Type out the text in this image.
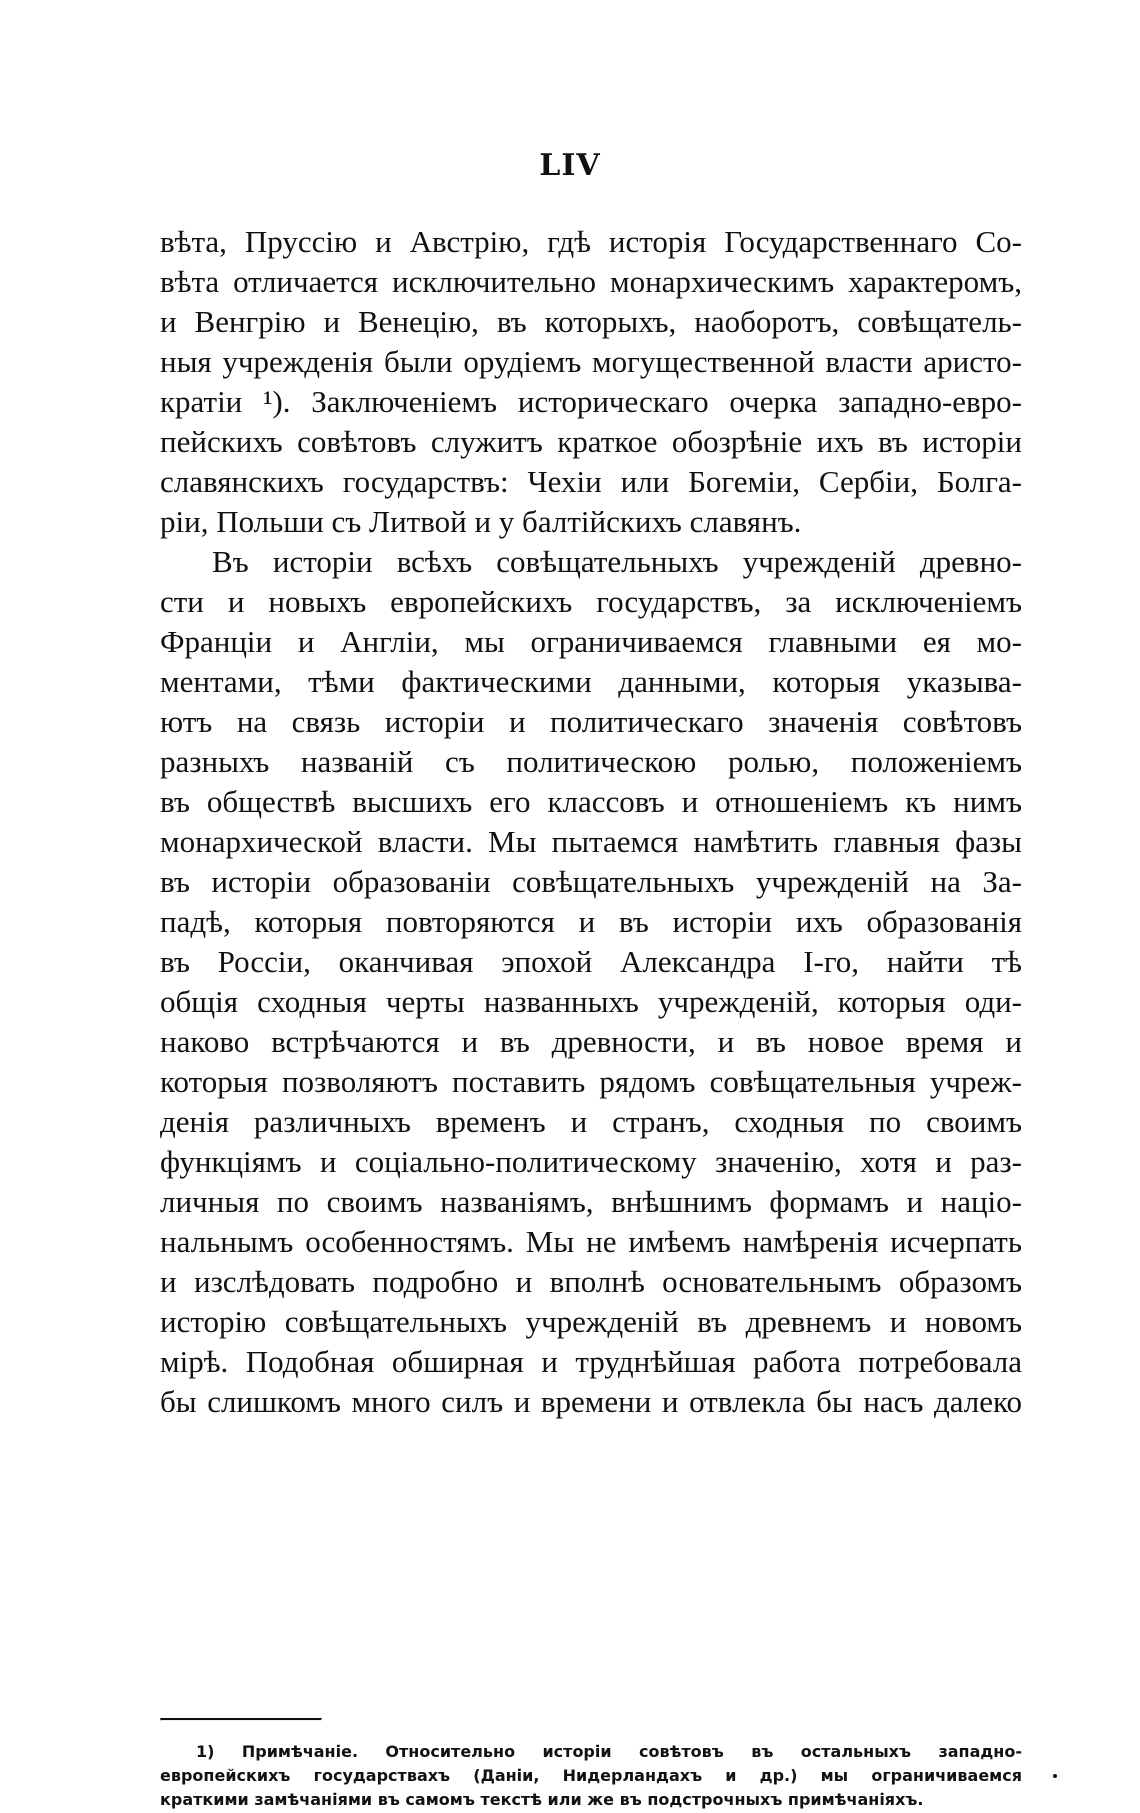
LIV
вѣта, Пруссію и Австрію, гдѣ исторія Государственнаго Со-
вѣта отличается исключительно монархическимъ характеромъ,
и Венгрію и Венецію, въ которыхъ, наоборотъ, совѣщатель-
ныя учрежденія были орудіемъ могущественной власти аристо-
кратіи ¹). Заключеніемъ историческаго очерка западно-евро-
пейскихъ совѣтовъ служитъ краткое обозрѣніе ихъ въ исторіи
славянскихъ государствъ: Чехіи или Богеміи, Сербіи, Болга-
ріи, Польши съ Литвой и у балтійскихъ славянъ.
Въ исторіи всѣхъ совѣщательныхъ учрежденій древно-
сти и новыхъ европейскихъ государствъ, за исключеніемъ
Франціи и Англіи, мы ограничиваемся главными ея мо-
ментами, тѣми фактическими данными, которыя указыва-
ютъ на связь исторіи и политическаго значенія совѣтовъ
разныхъ названій съ политическою ролью, положеніемъ
въ обществѣ высшихъ его классовъ и отношеніемъ къ нимъ
монархической власти. Мы пытаемся намѣтить главныя фазы
въ исторіи образованіи совѣщательныхъ учрежденій на За-
падѣ, которыя повторяются и въ исторіи ихъ образованія
въ Россіи, оканчивая эпохой Александра I-го, найти тѣ
общія сходныя черты названныхъ учрежденій, которыя оди-
наково встрѣчаются и въ древности, и въ новое время и
которыя позволяютъ поставить рядомъ совѣщательныя учреж-
денія различныхъ временъ и странъ, сходныя по своимъ
функціямъ и соціально-политическому значенію, хотя и раз-
личныя по своимъ названіямъ, внѣшнимъ формамъ и націо-
нальнымъ особенностямъ. Мы не имѣемъ намѣренія исчерпать
и изслѣдовать подробно и вполнѣ основательнымъ образомъ
исторію совѣщательныхъ учрежденій въ древнемъ и новомъ
мірѣ. Подобная обширная и труднѣйшая работа потребовала
бы слишкомъ много силъ и времени и отвлекла бы насъ далеко
1) Примѣчаніе. Относительно исторіи совѣтовъ въ остальныхъ западно-
европейскихъ государствахъ (Даніи, Нидерландахъ и др.) мы ограничиваемся
краткими замѣчаніями въ самомъ текстѣ или же въ подстрочныхъ примѣчаніяхъ.
